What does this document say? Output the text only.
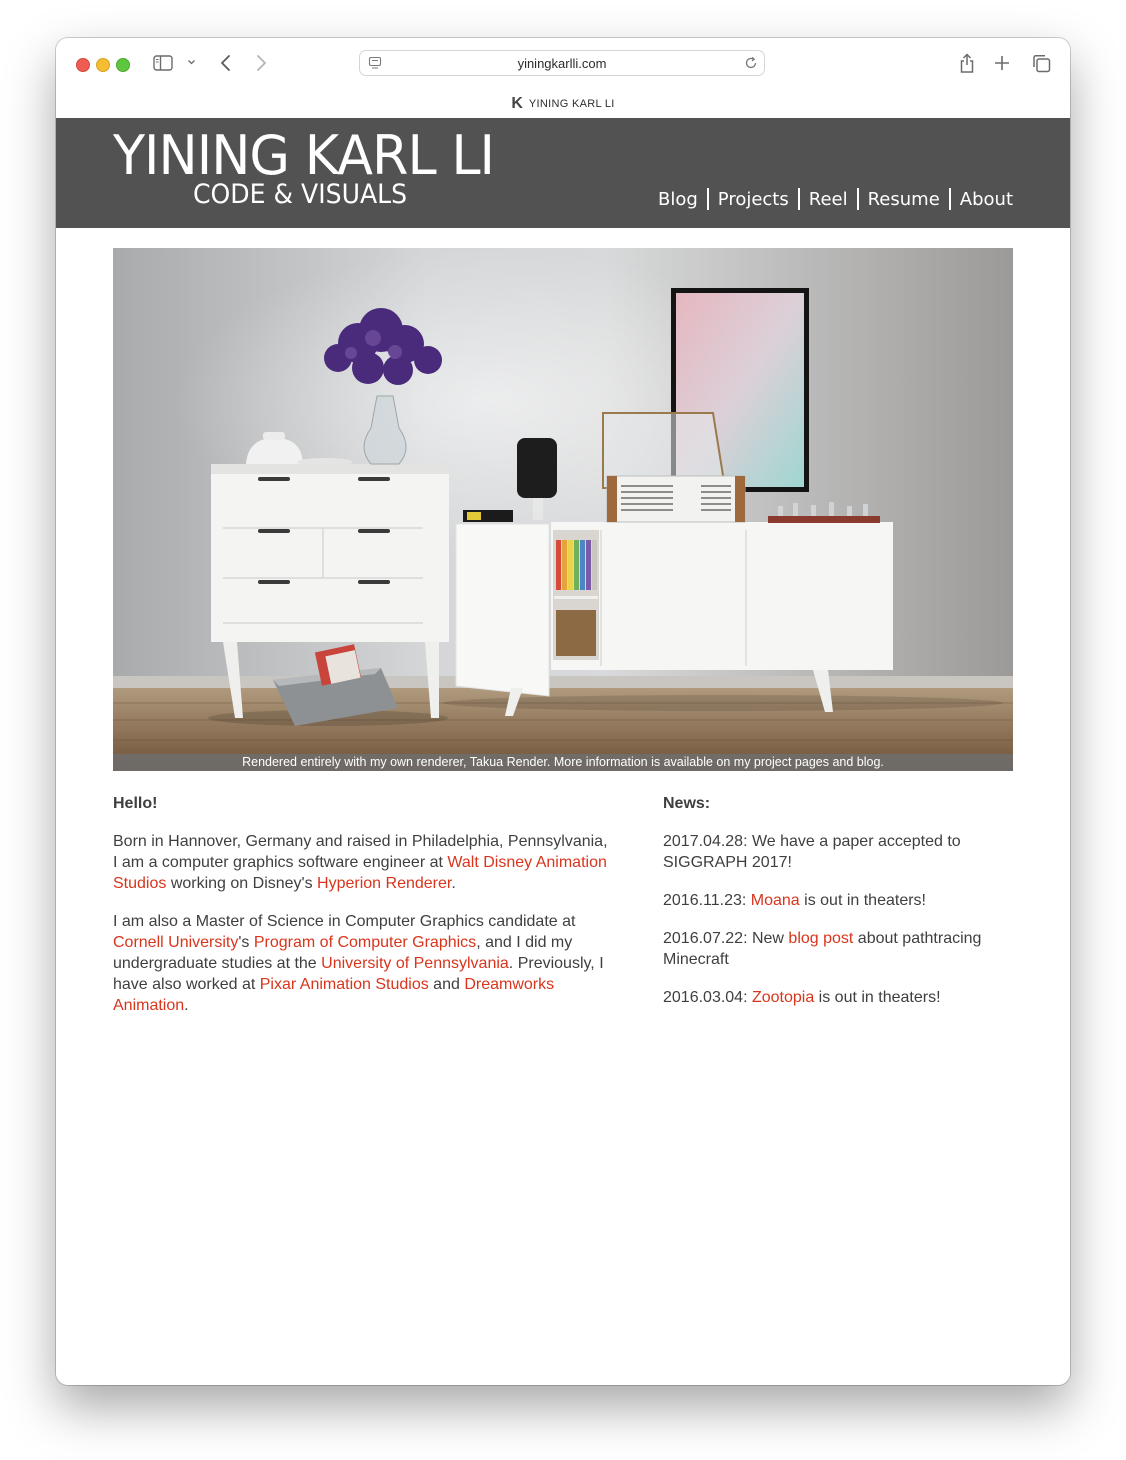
yiningkarlli.com
K YINING KARL LI
YINING KARL LI
CODE & VISUALS	Blog Projects Reel Resume About
Rendered entirely with my own renderer, Takua Render. More information is available on my project pages and blog.
Hello!

Born in Hannover, Germany and raised in Philadelphia, Pennsylvania, I am a computer graphics software engineer at Walt Disney Animation Studios working on Disney's Hyperion Renderer.

I am also a Master of Science in Computer Graphics candidate at Cornell University's Program of Computer Graphics, and I did my undergraduate studies at the University of Pennsylvania. Previously, I have also worked at Pixar Animation Studios and Dreamworks Animation.

News:

2017.04.28: We have a paper accepted to SIGGRAPH 2017!

2016.11.23: Moana is out in theaters!

2016.07.22: New blog post about pathtracing Minecraft

2016.03.04: Zootopia is out in theaters!
